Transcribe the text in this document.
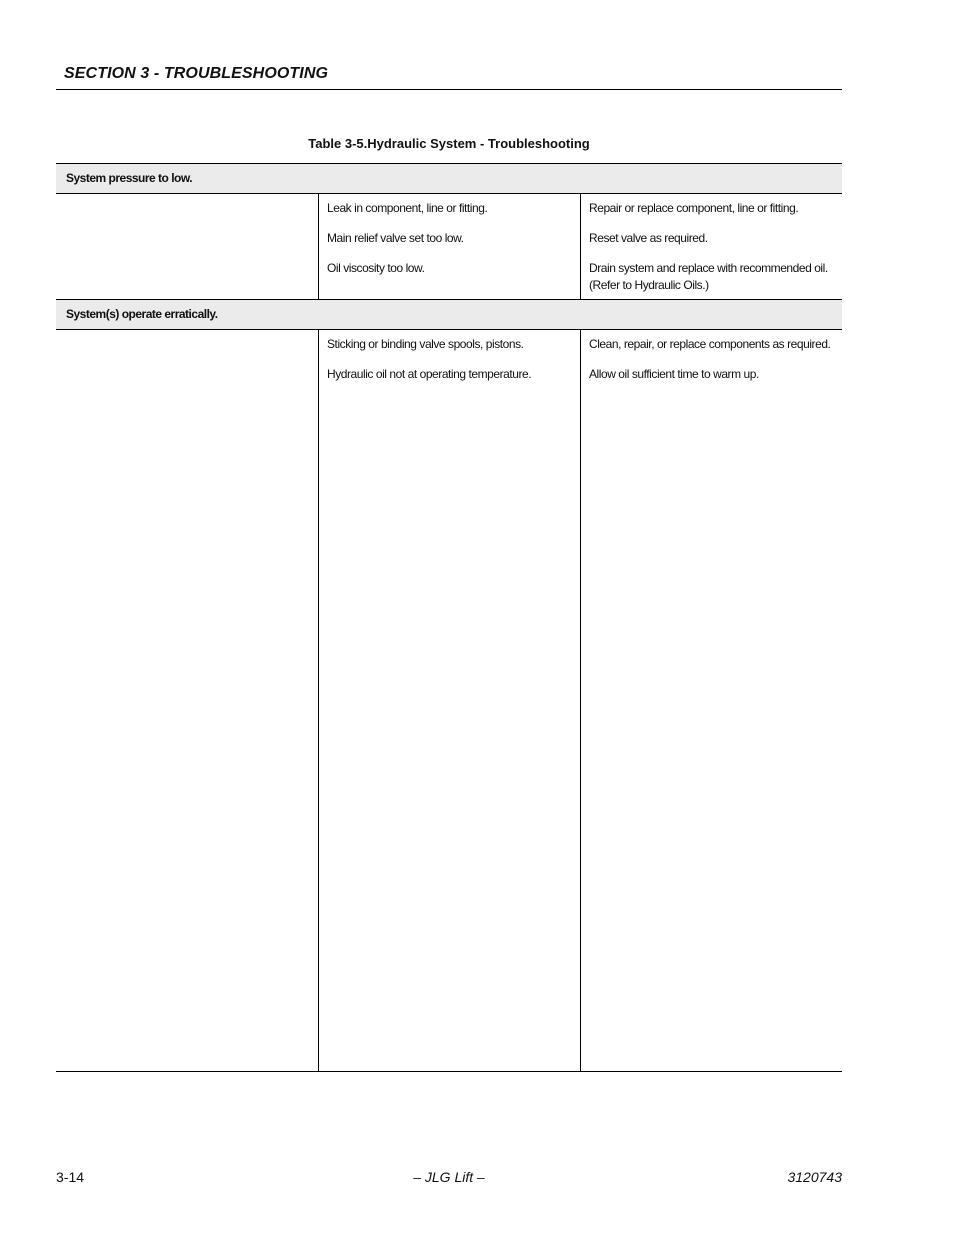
SECTION 3 - TROUBLESHOOTING
Table 3-5.Hydraulic System - Troubleshooting
System pressure to low.
Leak in component, line or fitting.
Main relief valve set too low.
Oil viscosity too low.
Repair or replace component, line or fitting.
Reset valve as required.
Drain system and replace with recommended oil. (Refer to Hydraulic Oils.)
System(s) operate erratically.
Sticking or binding valve spools, pistons.
Hydraulic oil not at operating temperature.
Clean, repair, or replace components as required.
Allow oil sufficient time to warm up.
3-14	– JLG Lift –	3120743
